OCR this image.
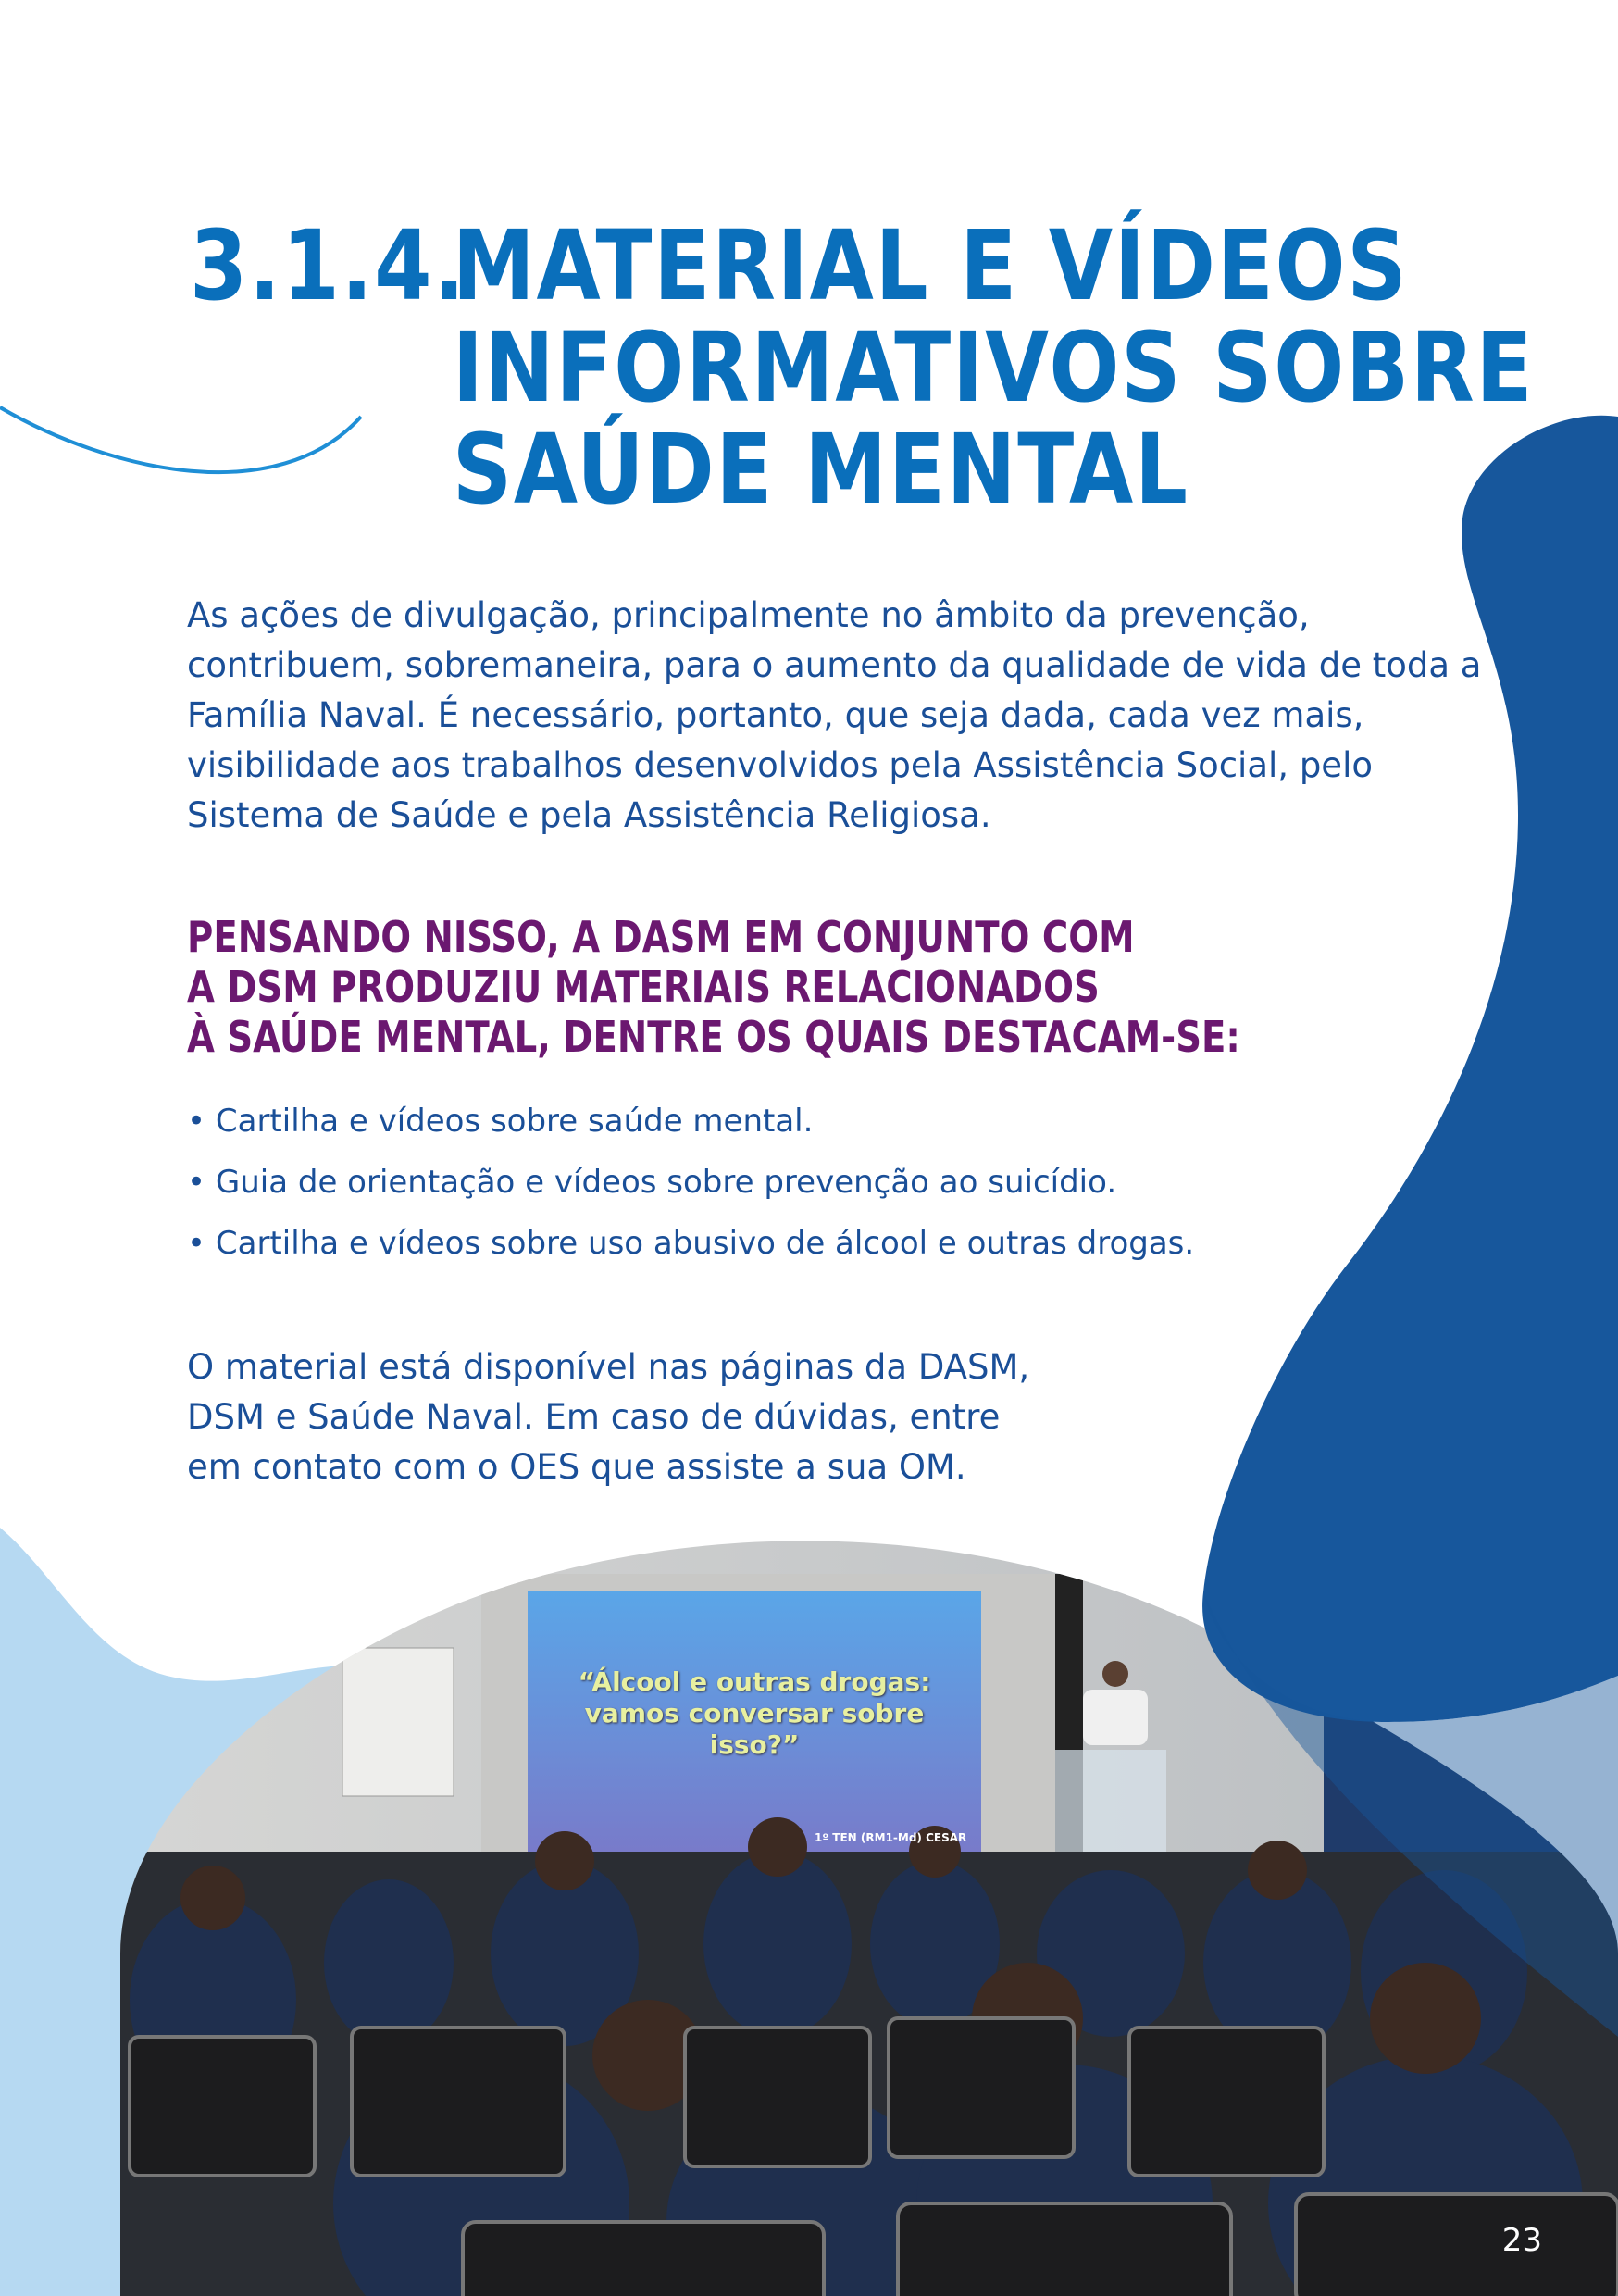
3.1.4.MATERIAL E VÍDEOS
INFORMATIVOS SOBRE
SAÚDE MENTAL

As ações de divulgação, principalmente no âmbito da prevenção, contribuem, sobremaneira, para o aumento da qualidade de vida de toda a Família Naval. É necessário, portanto, que seja dada, cada vez mais, visibilidade aos trabalhos desenvolvidos pela Assistência Social, pelo Sistema de Saúde e pela Assistência Religiosa.

PENSANDO NISSO, A DASM EM CONJUNTO COM
A DSM PRODUZIU MATERIAIS RELACIONADOS
À SAÚDE MENTAL, DENTRE OS QUAIS DESTACAM-SE:
• Cartilha e vídeos sobre saúde mental.
• Guia de orientação e vídeos sobre prevenção ao suicídio.
• Cartilha e vídeos sobre uso abusivo de álcool e outras drogas.

O material está disponível nas páginas da DASM,
DSM e Saúde Naval. Em caso de dúvidas, entre
em contato com o OES que assiste a sua OM.

“Álcool e outras drogas: vamos conversar sobre isso?”
1º TEN (RM1-Md) CESAR
23
